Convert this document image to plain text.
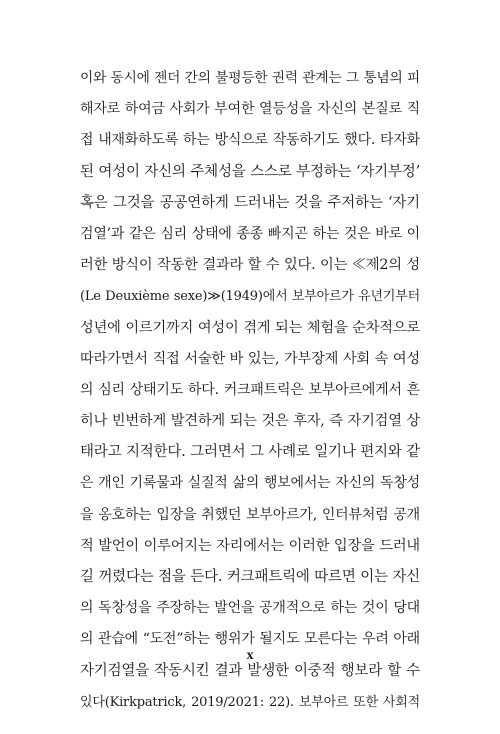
이와 동시에 젠더 간의 불평등한 권력 관계는 그 통념의 피
해자로 하여금 사회가 부여한 열등성을 자신의 본질로 직
접 내재화하도록 하는 방식으로 작동하기도 했다. 타자화
된 여성이 자신의 주체성을 스스로 부정하는 ‘자기부정’
혹은 그것을 공공연하게 드러내는 것을 주저하는 ‘자기
검열’과 같은 심리 상태에 종종 빠지곤 하는 것은 바로 이
러한 방식이 작동한 결과라 할 수 있다. 이는 ≪제2의 성
(Le Deuxième sexe)≫(1949)에서 보부아르가 유년기부터
성년에 이르기까지 여성이 겪게 되는 체험을 순차적으로
따라가면서 직접 서술한 바 있는, 가부장제 사회 속 여성
의 심리 상태기도 하다. 커크패트릭은 보부아르에게서 흔
히나 빈번하게 발견하게 되는 것은 후자, 즉 자기검열 상
태라고 지적한다. 그러면서 그 사례로 일기나 편지와 같
은 개인 기록물과 실질적 삶의 행보에서는 자신의 독창성
을 옹호하는 입장을 취했던 보부아르가, 인터뷰처럼 공개
적 발언이 이루어지는 자리에서는 이러한 입장을 드러내
길 꺼렸다는 점을 든다. 커크패트릭에 따르면 이는 자신
의 독창성을 주장하는 발언을 공개적으로 하는 것이 당대
의 관습에 “도전”하는 행위가 될지도 모른다는 우려 아래
자기검열을 작동시킨 결과 발생한 이중적 행보라 할 수
있다(Kirkpatrick, 2019/2021: 22). 보부아르 또한 사회적
x
